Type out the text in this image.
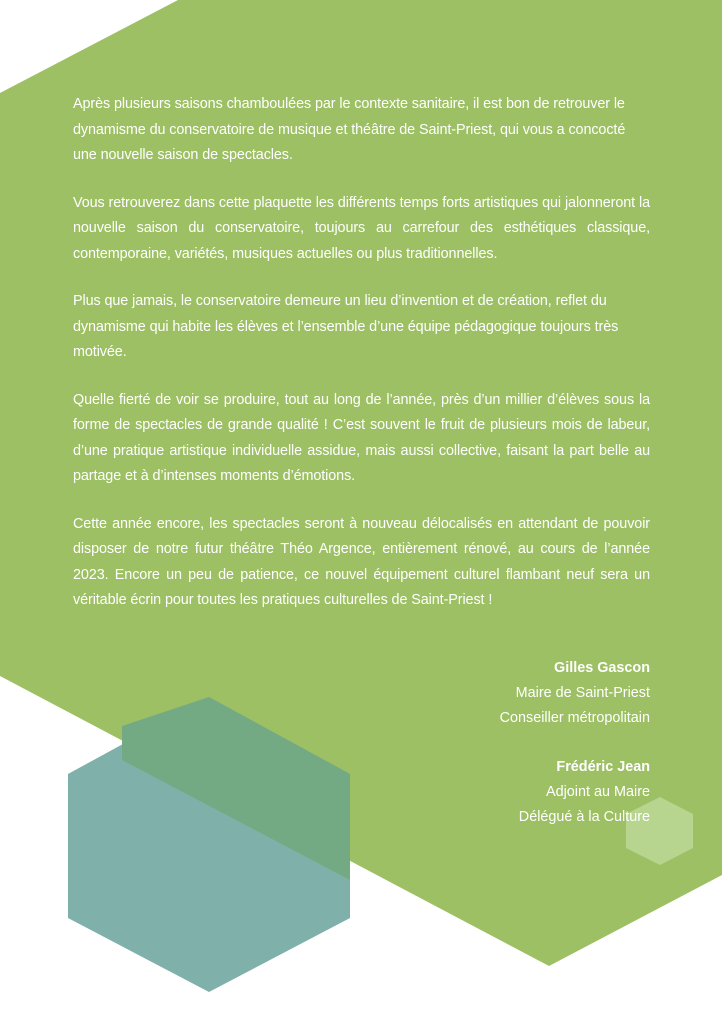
Après plusieurs saisons chamboulées par le contexte sanitaire, il est bon de retrouver le dynamisme du conservatoire de musique et théâtre de Saint-Priest, qui vous a concocté une nouvelle saison de spectacles.

Vous retrouverez dans cette plaquette les différents temps forts artistiques qui jalonneront la nouvelle saison du conservatoire, toujours au carrefour des esthétiques classique, contemporaine, variétés, musiques actuelles ou plus traditionnelles.

Plus que jamais, le conservatoire demeure un lieu d’invention et de création, reflet du dynamisme qui habite les élèves et l’ensemble d’une équipe pédagogique toujours très motivée.

Quelle fierté de voir se produire, tout au long de l’année, près d’un millier d’élèves sous la forme de spectacles de grande qualité ! C’est souvent le fruit de plusieurs mois de labeur, d’une pratique artistique individuelle assidue, mais aussi collective, faisant la part belle au partage et à d’intenses moments d’émotions.

Cette année encore, les spectacles seront à nouveau délocalisés en attendant de pouvoir disposer de notre futur théâtre Théo Argence, entièrement rénové, au cours de l’année 2023. Encore un peu de patience, ce nouvel équipement culturel flambant neuf sera un véritable écrin pour toutes les pratiques culturelles de Saint-Priest !

Gilles Gascon
Maire de Saint-Priest
Conseiller métropolitain
Frédéric Jean
Adjoint au Maire
Délégué à la Culture
